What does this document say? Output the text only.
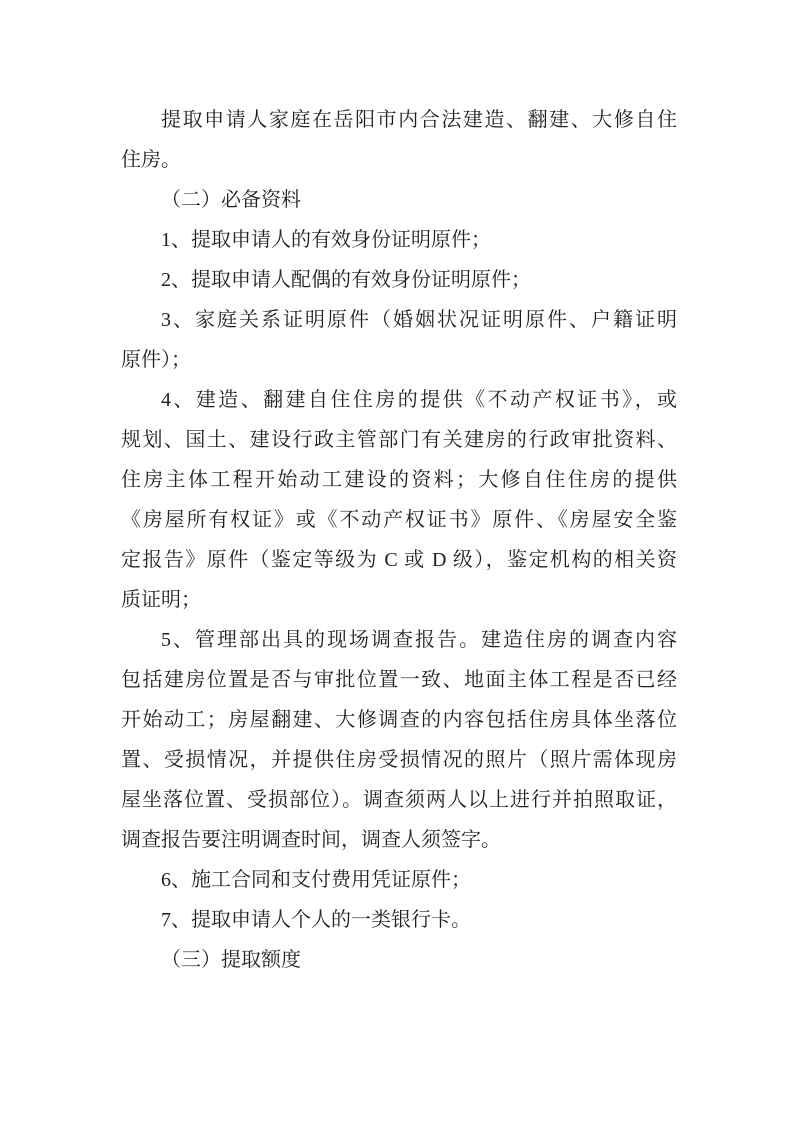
提取申请人家庭在岳阳市内合法建造、翻建、大修自住
住房。
（二）必备资料
1、提取申请人的有效身份证明原件；
2、提取申请人配偶的有效身份证明原件；
3、家庭关系证明原件（婚姻状况证明原件、户籍证明
原件）；
4、建造、翻建自住住房的提供《不动产权证书》，或
规划、国土、建设行政主管部门有关建房的行政审批资料、
住房主体工程开始动工建设的资料；大修自住住房的提供
《房屋所有权证》或《不动产权证书》原件、《房屋安全鉴
定报告》原件（鉴定等级为 C 或 D 级），鉴定机构的相关资
质证明；
5、管理部出具的现场调查报告。建造住房的调查内容
包括建房位置是否与审批位置一致、地面主体工程是否已经
开始动工；房屋翻建、大修调查的内容包括住房具体坐落位
置、受损情况，并提供住房受损情况的照片（照片需体现房
屋坐落位置、受损部位）。调查须两人以上进行并拍照取证，
调查报告要注明调查时间，调查人须签字。
6、施工合同和支付费用凭证原件；
7、提取申请人个人的一类银行卡。
（三）提取额度
